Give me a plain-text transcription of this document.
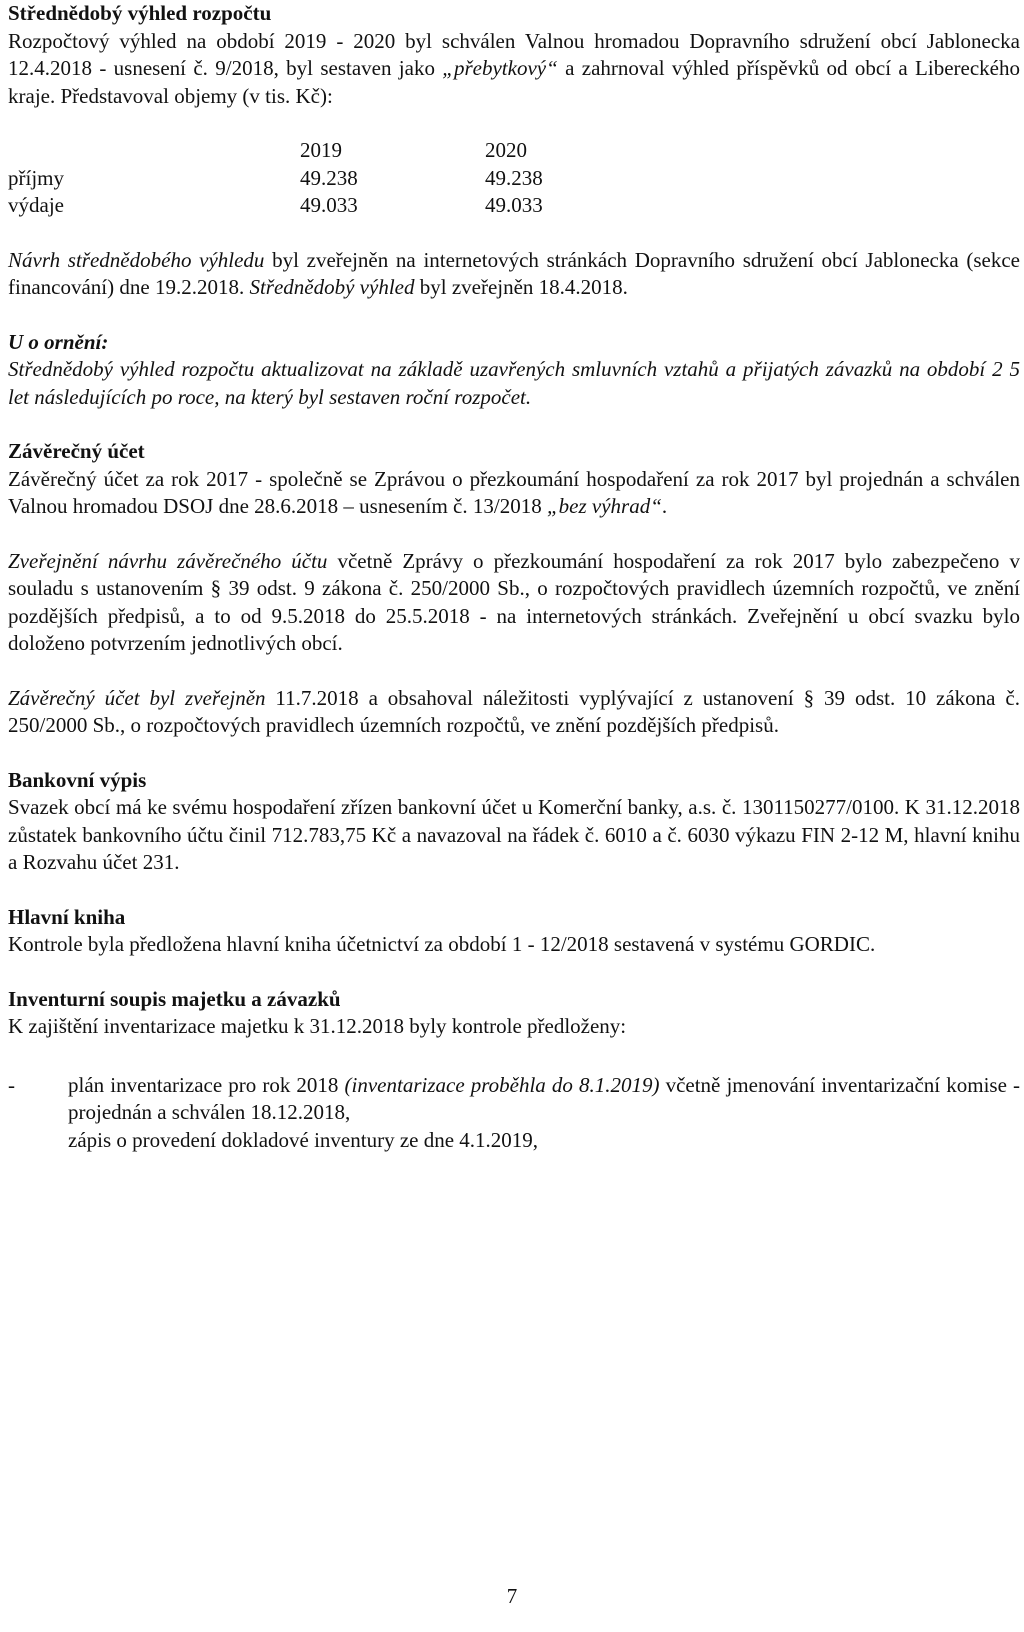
Střednědobý výhled rozpočtu

Rozpočtový výhled na období 2019 - 2020 byl schválen Valnou hromadou Dopravního sdružení obcí Jablonecka 12.4.2018 - usnesení č. 9/2018, byl sestaven jako „přebytkový“ a zahrnoval výhled příspěvků od obcí a Libereckého kraje. Představoval objemy (v tis. Kč):

	2019	2020
příjmy	49.238	49.238
výdaje	49.033	49.033

Návrh střednědobého výhledu byl zveřejněn na internetových stránkách Dopravního sdružení obcí Jablonecka (sekce financování) dne 19.2.2018. Střednědobý výhled byl zveřejněn 18.4.2018.

U o ornění:

Střednědobý výhled rozpočtu aktualizovat na základě uzavřených smluvních vztahů a přijatých závazků na období 2 5 let následujících po roce, na který byl sestaven roční rozpočet.

Závěrečný účet

Závěrečný účet za rok 2017 - společně se Zprávou o přezkoumání hospodaření za rok 2017 byl projednán a schválen Valnou hromadou DSOJ dne 28.6.2018 – usnesením č. 13/2018 „bez výhrad“.

Zveřejnění návrhu závěrečného účtu včetně Zprávy o přezkoumání hospodaření za rok 2017 bylo zabezpečeno v souladu s ustanovením § 39 odst. 9 zákona č. 250/2000 Sb., o rozpočtových pravidlech územních rozpočtů, ve znění pozdějších předpisů, a to od 9.5.2018 do 25.5.2018 - na internetových stránkách. Zveřejnění u obcí svazku bylo doloženo potvrzením jednotlivých obcí.

Závěrečný účet byl zveřejněn 11.7.2018 a obsahoval náležitosti vyplývající z ustanovení § 39 odst. 10 zákona č. 250/2000 Sb., o rozpočtových pravidlech územních rozpočtů, ve znění pozdějších předpisů.

Bankovní výpis

Svazek obcí má ke svému hospodaření zřízen bankovní účet u Komerční banky, a.s. č. 1301150277/0100. K 31.12.2018 zůstatek bankovního účtu činil 712.783,75 Kč a navazoval na řádek č. 6010 a č. 6030 výkazu FIN 2-12 M, hlavní knihu a Rozvahu účet 231.

Hlavní kniha

Kontrole byla předložena hlavní kniha účetnictví za období 1 - 12/2018 sestavená v systému GORDIC.

Inventurní soupis majetku a závazků

K zajištění inventarizace majetku k 31.12.2018 byly kontrole předloženy:

-	plán inventarizace pro rok 2018 (inventarizace proběhla do 8.1.2019) včetně jmenování inventarizační komise - projednán a schválen 18.12.2018,

zápis o provedení dokladové inventury ze dne 4.1.2019,

7
